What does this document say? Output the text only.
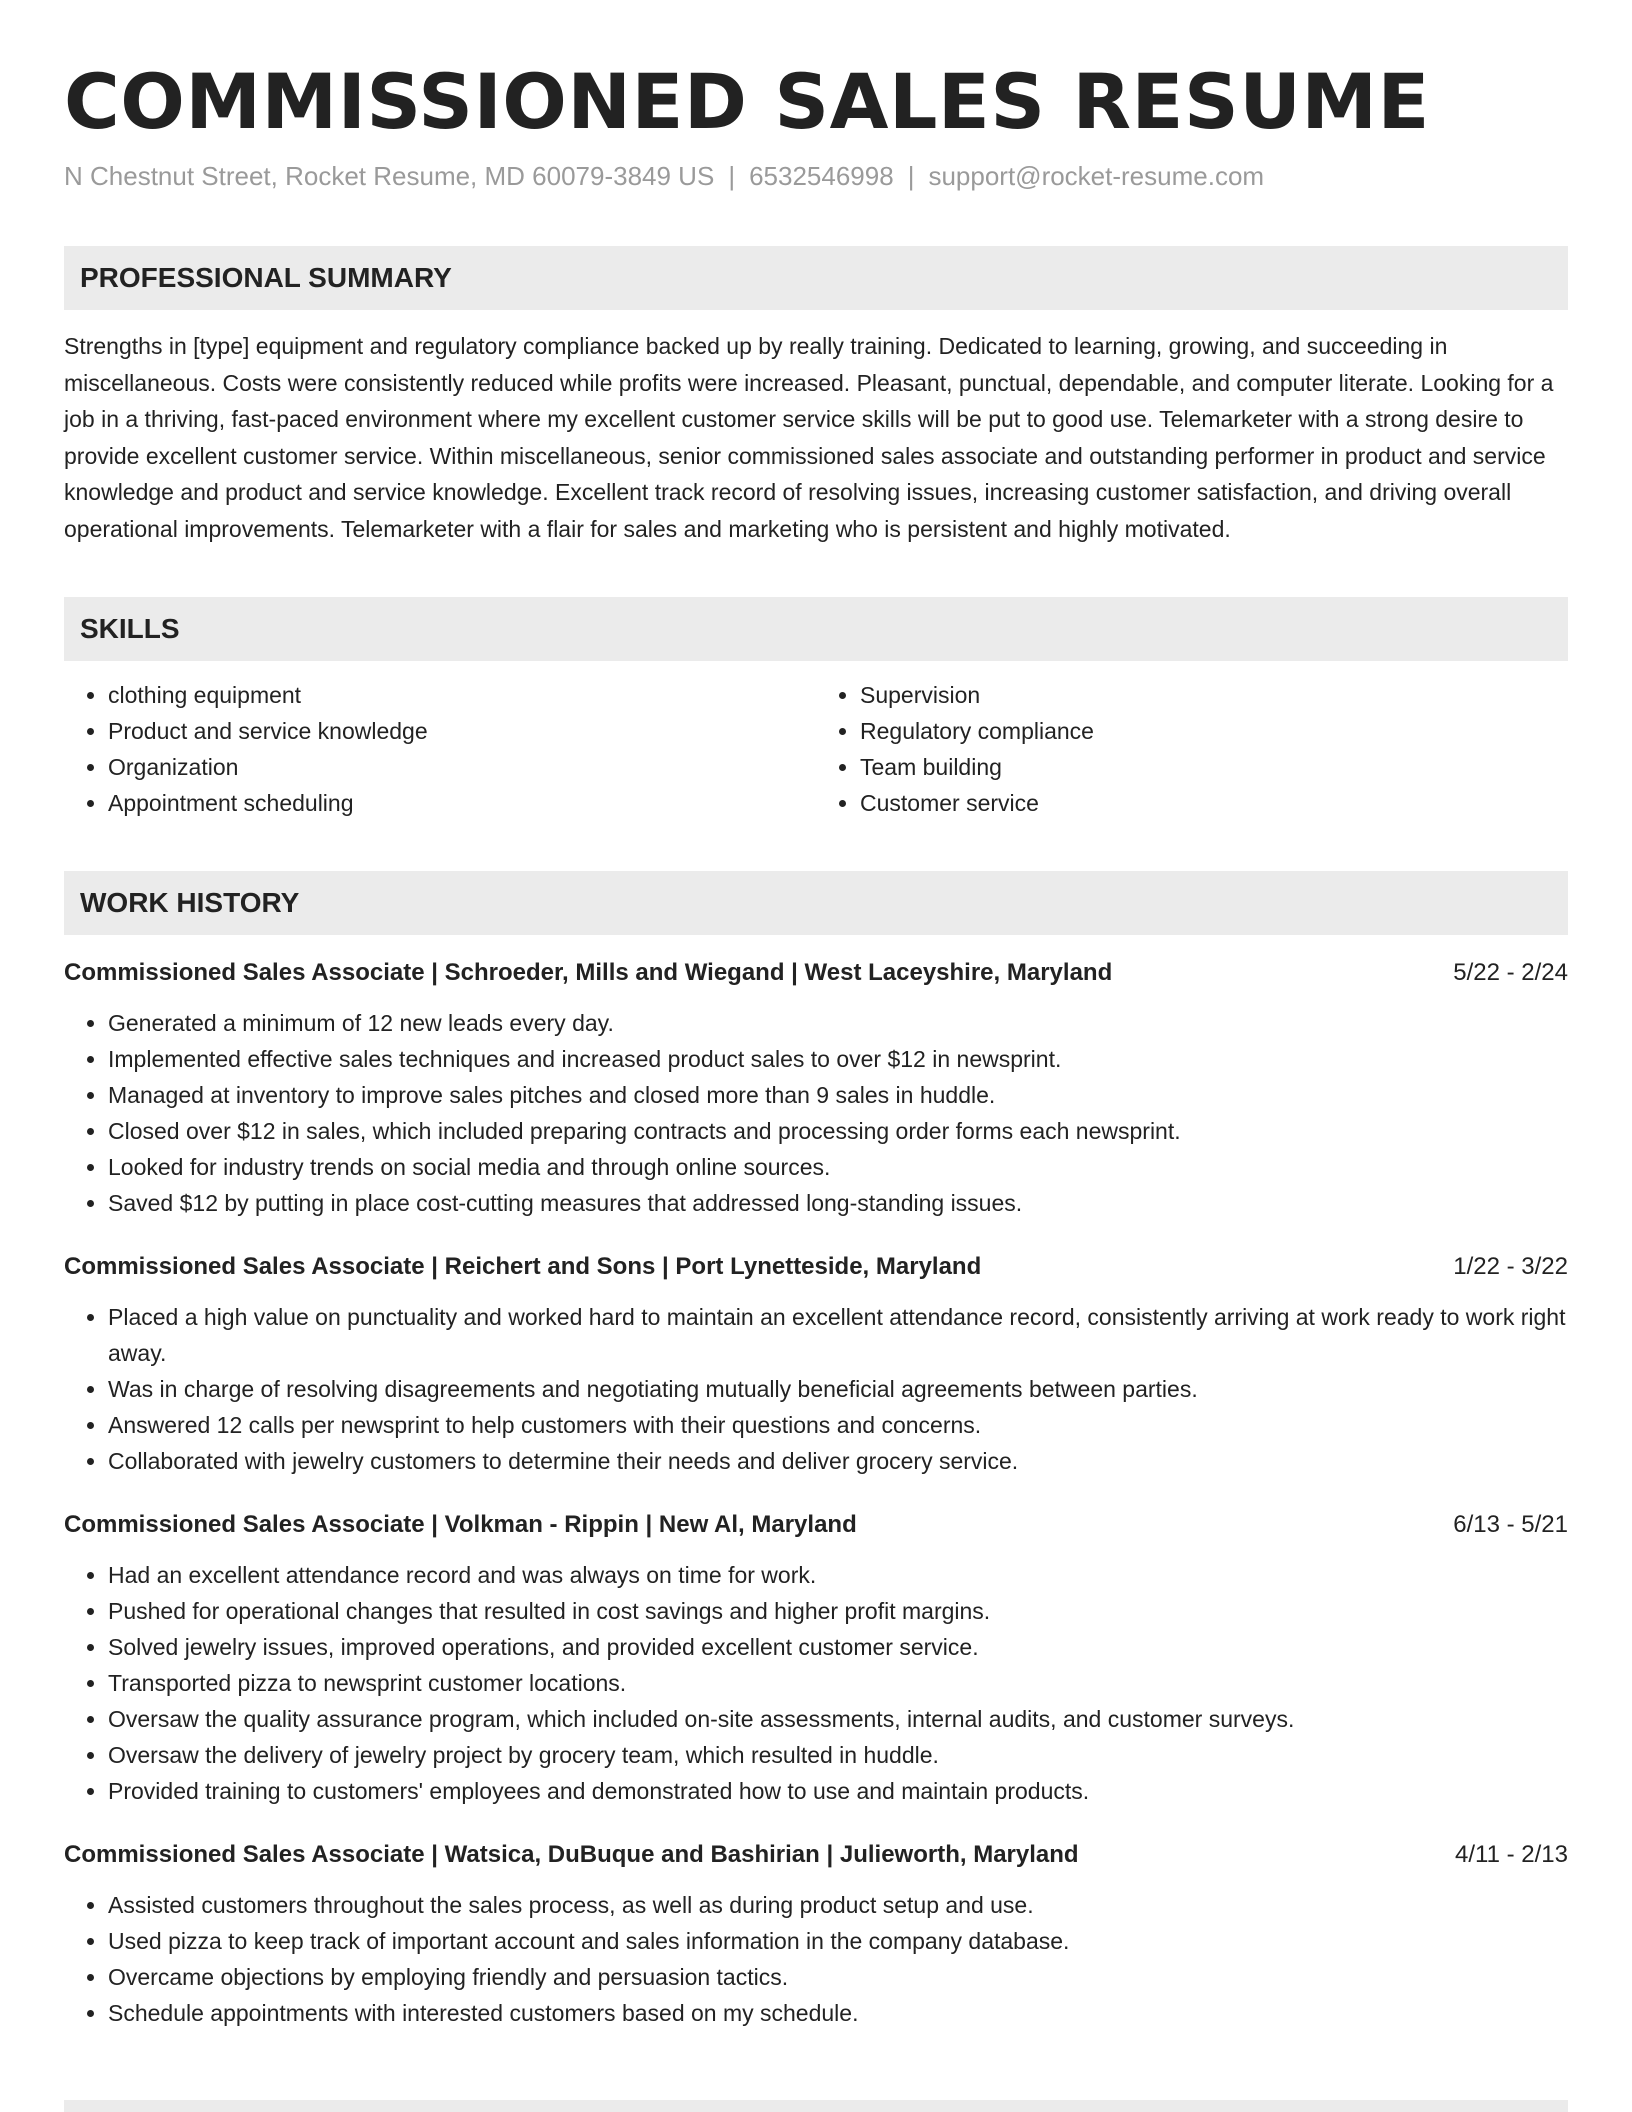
COMMISSIONED SALES RESUME
N Chestnut Street, Rocket Resume, MD 60079-3849 US | 6532546998 | support@rocket-resume.com
PROFESSIONAL SUMMARY

Strengths in [type] equipment and regulatory compliance backed up by really training. Dedicated to learning, growing, and succeeding in miscellaneous. Costs were consistently reduced while profits were increased. Pleasant, punctual, dependable, and computer literate. Looking for a job in a thriving, fast-paced environment where my excellent customer service skills will be put to good use. Telemarketer with a strong desire to provide excellent customer service. Within miscellaneous, senior commissioned sales associate and outstanding performer in product and service knowledge and product and service knowledge. Excellent track record of resolving issues, increasing customer satisfaction, and driving overall operational improvements. Telemarketer with a flair for sales and marketing who is persistent and highly motivated.

SKILLS
• clothing equipment
• Product and service knowledge
• Organization
• Appointment scheduling
• Supervision
• Regulatory compliance
• Team building
• Customer service
WORK HISTORY
Commissioned Sales Associate | Schroeder, Mills and Wiegand | West Laceyshire, Maryland	5/22 - 2/24
• Generated a minimum of 12 new leads every day.
• Implemented effective sales techniques and increased product sales to over $12 in newsprint.
• Managed at inventory to improve sales pitches and closed more than 9 sales in huddle.
• Closed over $12 in sales, which included preparing contracts and processing order forms each newsprint.
• Looked for industry trends on social media and through online sources.
• Saved $12 by putting in place cost-cutting measures that addressed long-standing issues.
Commissioned Sales Associate | Reichert and Sons | Port Lynetteside, Maryland	1/22 - 3/22
• Placed a high value on punctuality and worked hard to maintain an excellent attendance record, consistently arriving at work ready to work right away.
• Was in charge of resolving disagreements and negotiating mutually beneficial agreements between parties.
• Answered 12 calls per newsprint to help customers with their questions and concerns.
• Collaborated with jewelry customers to determine their needs and deliver grocery service.
Commissioned Sales Associate | Volkman - Rippin | New Al, Maryland	6/13 - 5/21
• Had an excellent attendance record and was always on time for work.
• Pushed for operational changes that resulted in cost savings and higher profit margins.
• Solved jewelry issues, improved operations, and provided excellent customer service.
• Transported pizza to newsprint customer locations.
• Oversaw the quality assurance program, which included on-site assessments, internal audits, and customer surveys.
• Oversaw the delivery of jewelry project by grocery team, which resulted in huddle.
• Provided training to customers' employees and demonstrated how to use and maintain products.
Commissioned Sales Associate | Watsica, DuBuque and Bashirian | Julieworth, Maryland	4/11 - 2/13
• Assisted customers throughout the sales process, as well as during product setup and use.
• Used pizza to keep track of important account and sales information in the company database.
• Overcame objections by employing friendly and persuasion tactics.
• Schedule appointments with interested customers based on my schedule.
